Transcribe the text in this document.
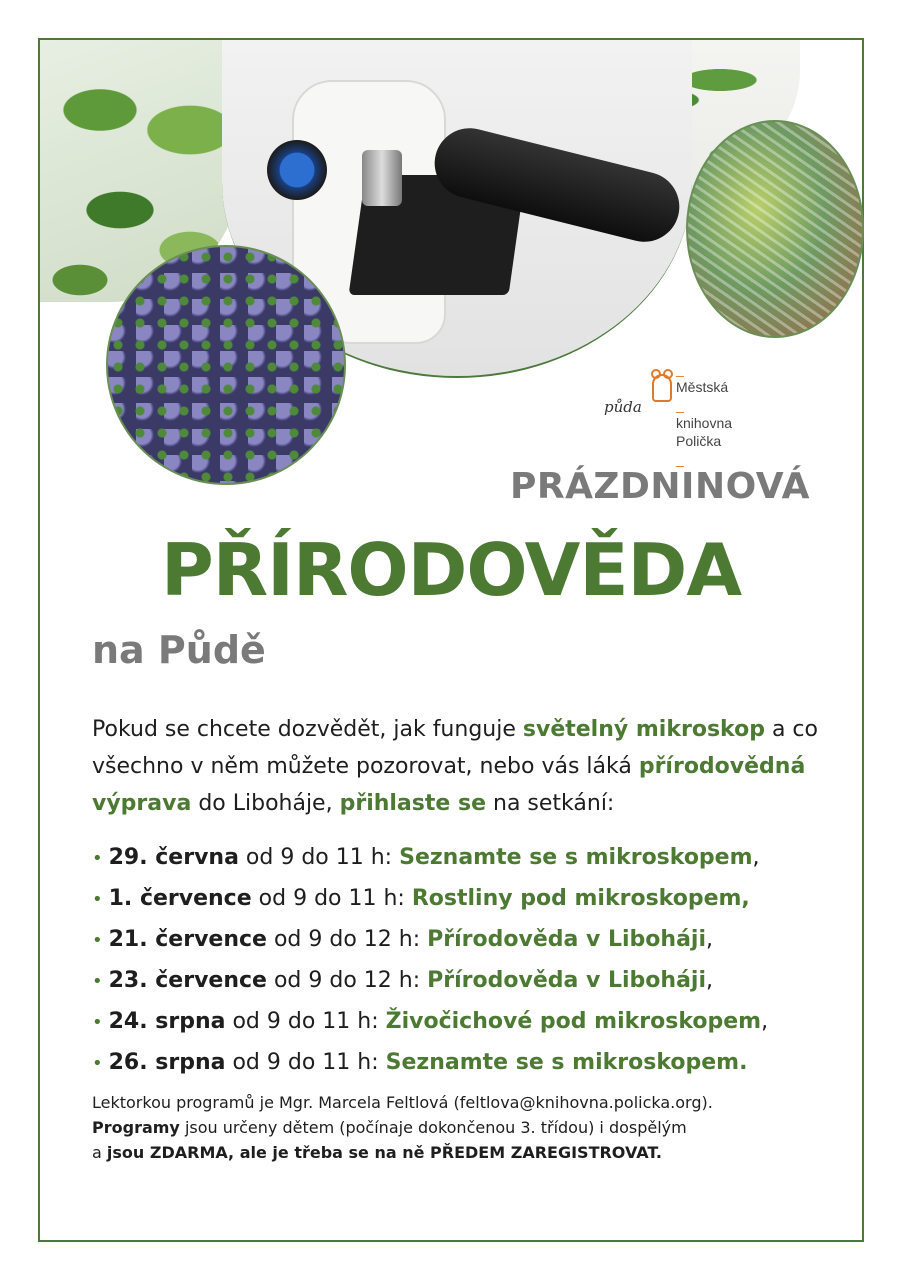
půda
_
Městská
_
knihovna
Polička
_
PRÁZDNINOVÁ
PŘÍRODOVĚDA
na Půdě
Pokud se chcete dozvědět, jak funguje světelný mikroskop a co všechno v něm můžete pozorovat, nebo vás láká přírodovědná výprava do Liboháje, přihlaste se na setkání:
• 29. června od 9 do 11 h: Seznamte se s mikroskopem,
• 1. července od 9 do 11 h: Rostliny pod mikroskopem,
• 21. července od 9 do 12 h: Přírodověda v Liboháji,
• 23. července od 9 do 12 h: Přírodověda v Liboháji,
• 24. srpna od 9 do 11 h: Živočichové pod mikroskopem,
• 26. srpna od 9 do 11 h: Seznamte se s mikroskopem.
Lektorkou programů je Mgr. Marcela Feltlová (feltlova@knihovna.policka.org).
Programy jsou určeny dětem (počínaje dokončenou 3. třídou) i dospělým
a jsou ZDARMA, ale je třeba se na ně PŘEDEM ZAREGISTROVAT.
